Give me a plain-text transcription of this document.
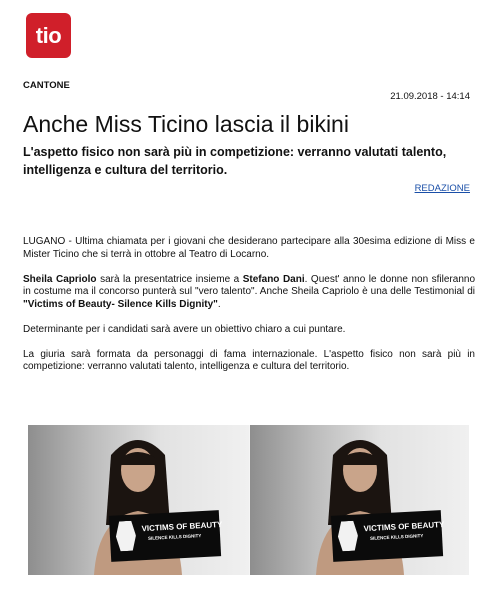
tio
CANTONE
21.09.2018 - 14:14
Anche Miss Ticino lascia il bikini
L'aspetto fisico non sarà più in competizione: verranno valutati talento, intelligenza e cultura del territorio.
REDAZIONE

LUGANO - Ultima chiamata per i giovani che desiderano partecipare alla 30esima edizione di Miss e Mister Ticino che si terrà in ottobre al Teatro di Locarno.

Sheila Capriolo sarà la presentatrice insieme a Stefano Dani. Quest' anno le donne non sfileranno in costume ma il concorso punterà sul "vero talento". Anche Sheila Capriolo è una delle Testimonial di "Victims of Beauty- Silence Kills Dignity".

Determinante per i candidati sarà avere un obiettivo chiaro a cui puntare.

La giuria sarà formata da personaggi di fama internazionale. L'aspetto fisico non sarà più in competizione: verranno valutati talento, intelligenza e cultura del territorio.

VICTIMS OF BEAUTY
SILENCE KILLS DIGNITY
VICTIMS OF BEAUTY
SILENCE KILLS DIGNITY
